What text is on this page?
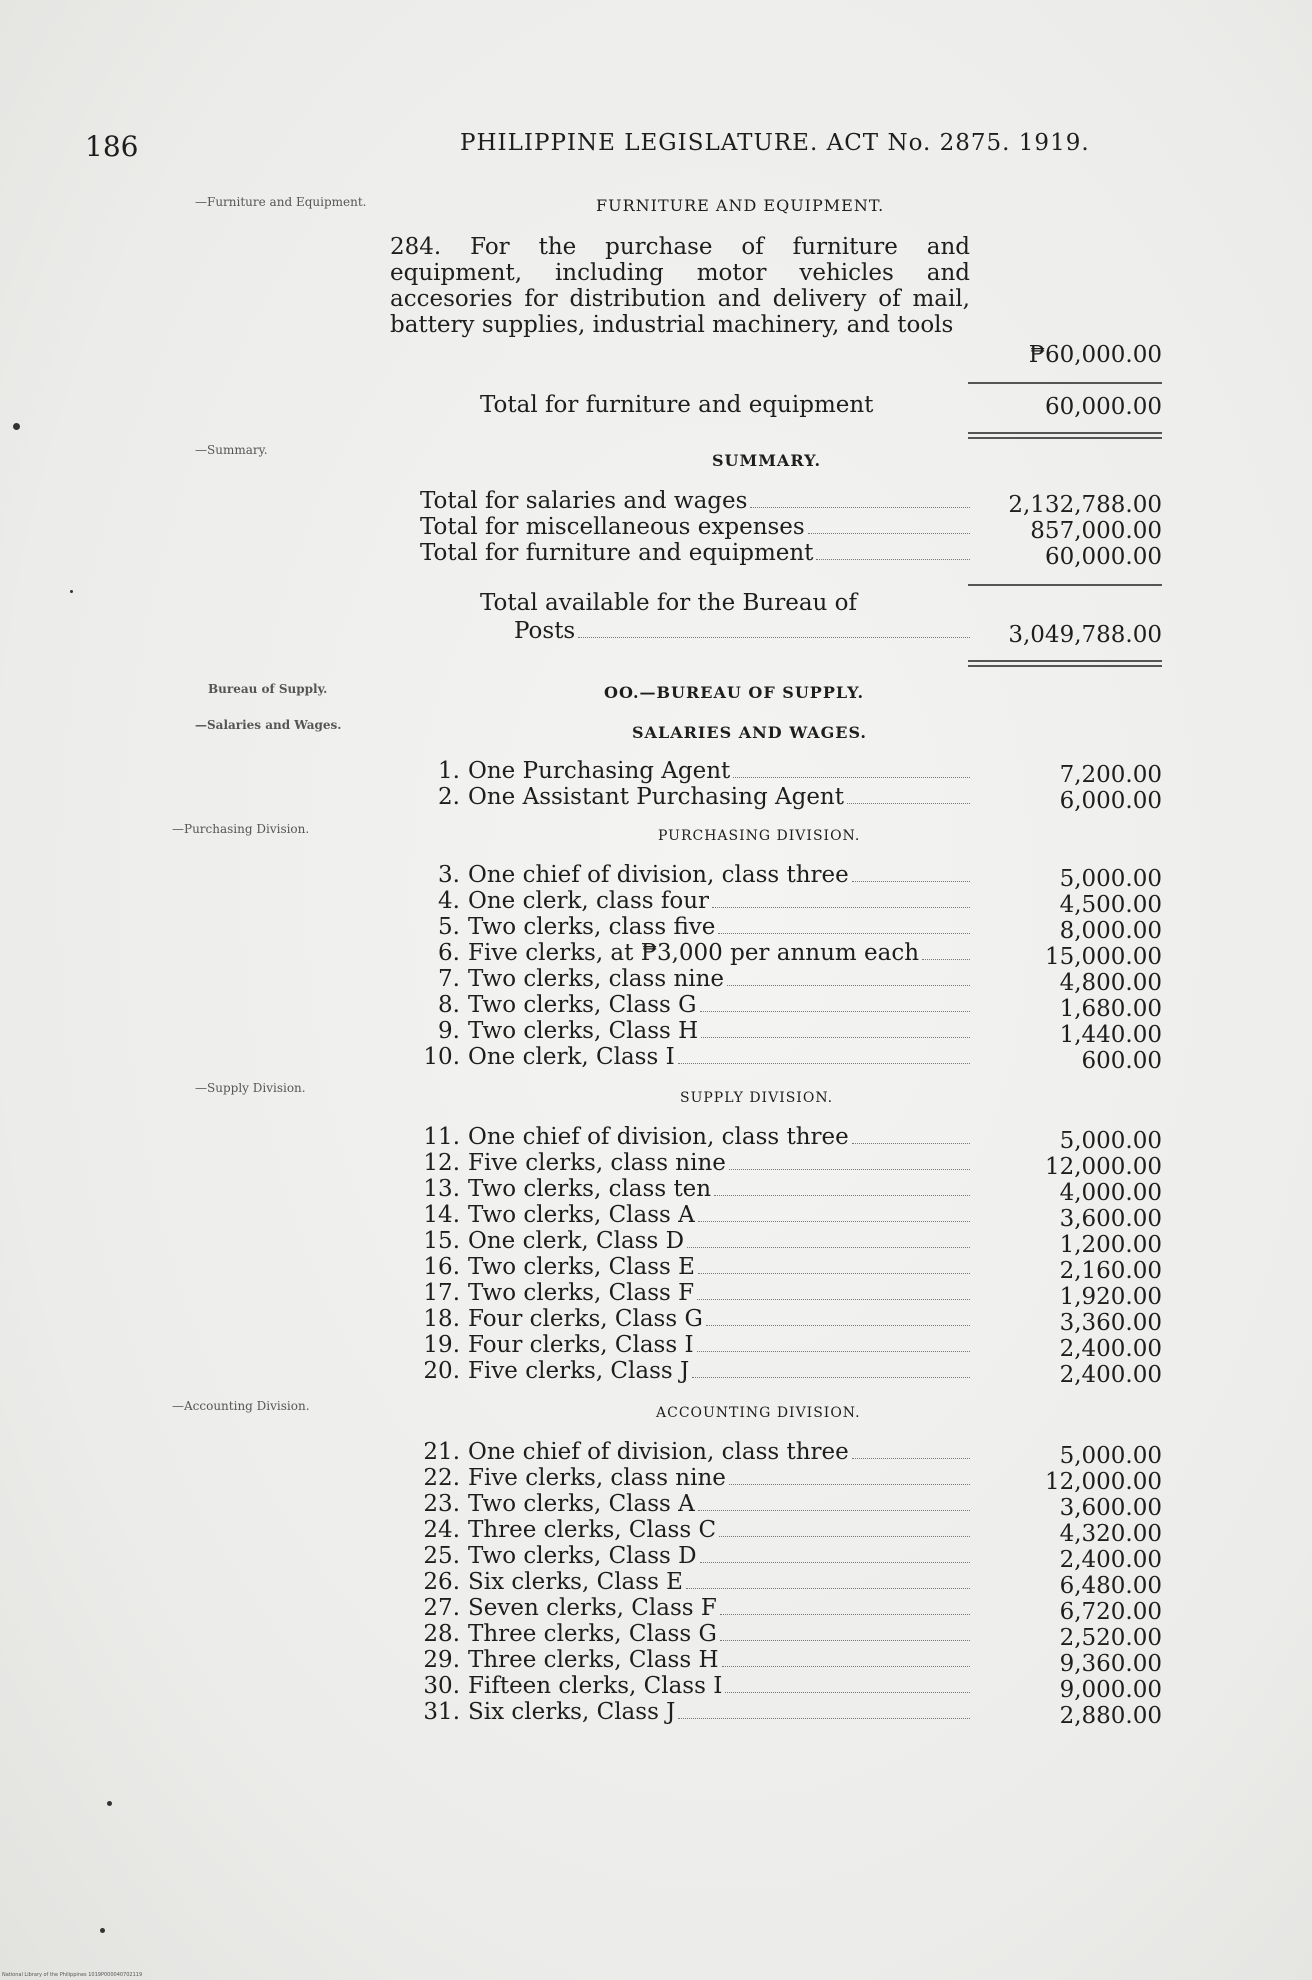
186	PHILIPPINE LEGISLATURE. ACT No. 2875. 1919.
—Furniture and Equipment.
—Summary.
Bureau of Supply.
—Salaries and Wages.
—Purchasing Division.
—Supply Division.
—Accounting Division.
FURNITURE AND EQUIPMENT.
284. For the purchase of furniture and equipment, including motor vehicles and accesories for distribution and delivery of mail, battery supplies, industrial machinery, and tools
₱60,000.00
Total for furniture and equipment	60,000.00
SUMMARY.
Total for salaries and wages	2,132,788.00
Total for miscellaneous expenses	857,000.00
Total for furniture and equipment	60,000.00
Total available for the Bureau of
Posts	3,049,788.00
OO.—BUREAU OF SUPPLY.
SALARIES AND WAGES.
1. One Purchasing Agent	7,200.00
2. One Assistant Purchasing Agent	6,000.00
PURCHASING DIVISION.
3. One chief of division, class three	5,000.00
4. One clerk, class four	4,500.00
5. Two clerks, class five	8,000.00
6. Five clerks, at ₱3,000 per annum each	15,000.00
7. Two clerks, class nine	4,800.00
8. Two clerks, Class G	1,680.00
9. Two clerks, Class H	1,440.00
10. One clerk, Class I	600.00
SUPPLY DIVISION.
11. One chief of division, class three	5,000.00
12. Five clerks, class nine	12,000.00
13. Two clerks, class ten	4,000.00
14. Two clerks, Class A	3,600.00
15. One clerk, Class D	1,200.00
16. Two clerks, Class E	2,160.00
17. Two clerks, Class F	1,920.00
18. Four clerks, Class G	3,360.00
19. Four clerks, Class I	2,400.00
20. Five clerks, Class J	2,400.00
ACCOUNTING DIVISION.
21. One chief of division, class three	5,000.00
22. Five clerks, class nine	12,000.00
23. Two clerks, Class A	3,600.00
24. Three clerks, Class C	4,320.00
25. Two clerks, Class D	2,400.00
26. Six clerks, Class E	6,480.00
27. Seven clerks, Class F	6,720.00
28. Three clerks, Class G	2,520.00
29. Three clerks, Class H	9,360.00
30. Fifteen clerks, Class I	9,000.00
31. Six clerks, Class J	2,880.00
National Library of the Philippines 1019P000040702119
